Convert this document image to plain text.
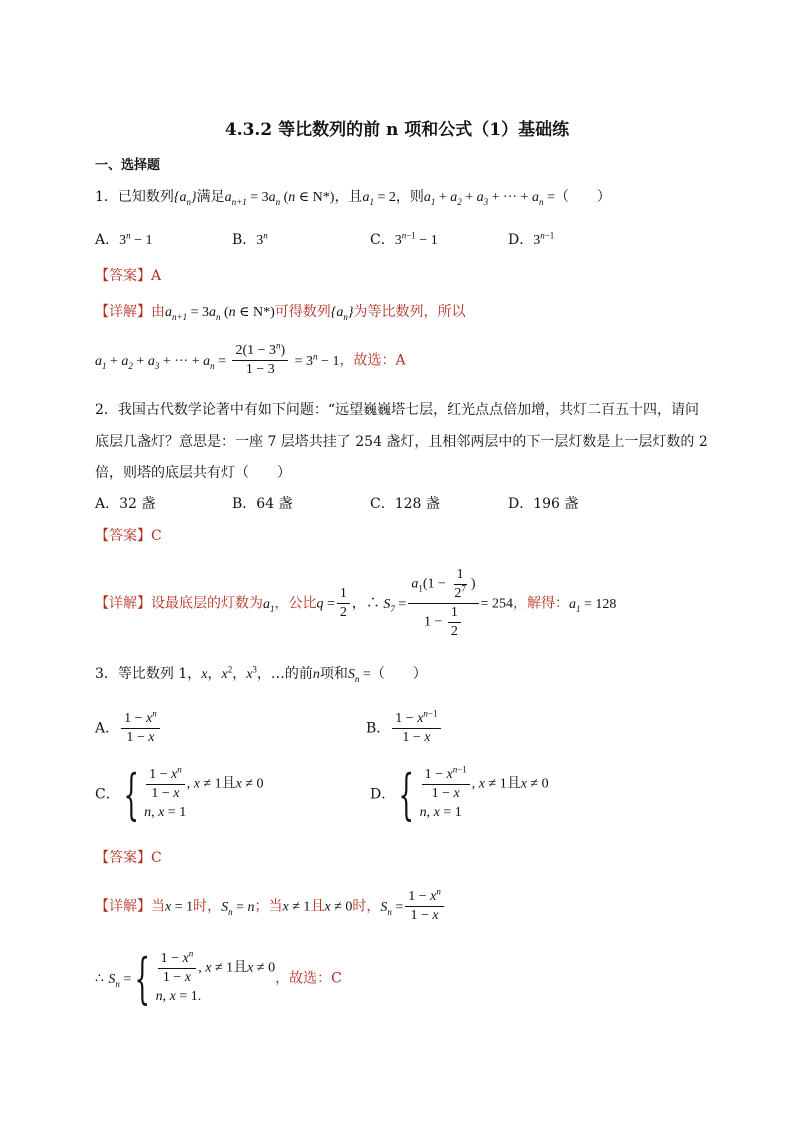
4.3.2 等比数列的前 n 项和公式（1）基础练
一、选择题
1．已知数列$\{a_n\}$满足$a_{n+1} = 3a_n$ (n ∈ N*)，且$a_1 = 2$，则$a_1 + a_2 + a_3$ + ··· + $a_n$ =（　　）
A．$3^n - 1$	B．3$^n$	C．$3^{n-1} - 1$	D．$3^{n-1}$
【答案】A
【详解】由$a_{n+1} = 3a_n$ (n ∈ N*)可得数列$\{a_n\}$为等比数列，所以
$a_1 + a_2 + a_3$ + ··· + $a_n = \frac{2(1 - 3^n)}{1 - 3} = 3^n - 1$，故选：A
2．我国古代数学论著中有如下问题：“远望巍巍塔七层，红光点点倍加增，共灯二百五十四，请问
底层几盏灯？意思是：一座 7 层塔共挂了 254 盏灯，且相邻两层中的下一层灯数是上一层灯数的 2
倍，则塔的底层共有灯（　　）
A．32 盏	B．64 盏	C．128 盏	D．196 盏
【答案】C
【详解】设最底层的灯数为$a_1$，公比$q = \frac{1}{2}$ ，∴ $S_7 = \frac{a_1(1 - \frac{1}{2^7} )}{1 - \frac{1}{2}} = 254$，解得：$a_1 = 128$
3．等比数列 1，x，$x^2$，$x^3$，…的前n项和$S_n$ =（　　）
A． $\frac{1 - x^n}{1 - x}$	B． $\frac{1 - x^{n-1}}{1 - x}$
C．{ $\frac{1 - x^n}{1 - x}$ , x ≠ 1且x ≠ 0
n, x = 1
D．{ $\frac{1 - x^{n-1}}{1 - x}$ , x ≠ 1且x ≠ 0
n, x = 1
【答案】C
【详解】当x = 1时，$S_n = n$；当x ≠ 1且x ≠ 0时，$S_n = \frac{1 - x^n}{1 - x}$
∴ $S_n$ ={ $\frac{1 - x^n}{1 - x}$ , x ≠ 1且x ≠ 0
n, x = 1.
，故选：C
